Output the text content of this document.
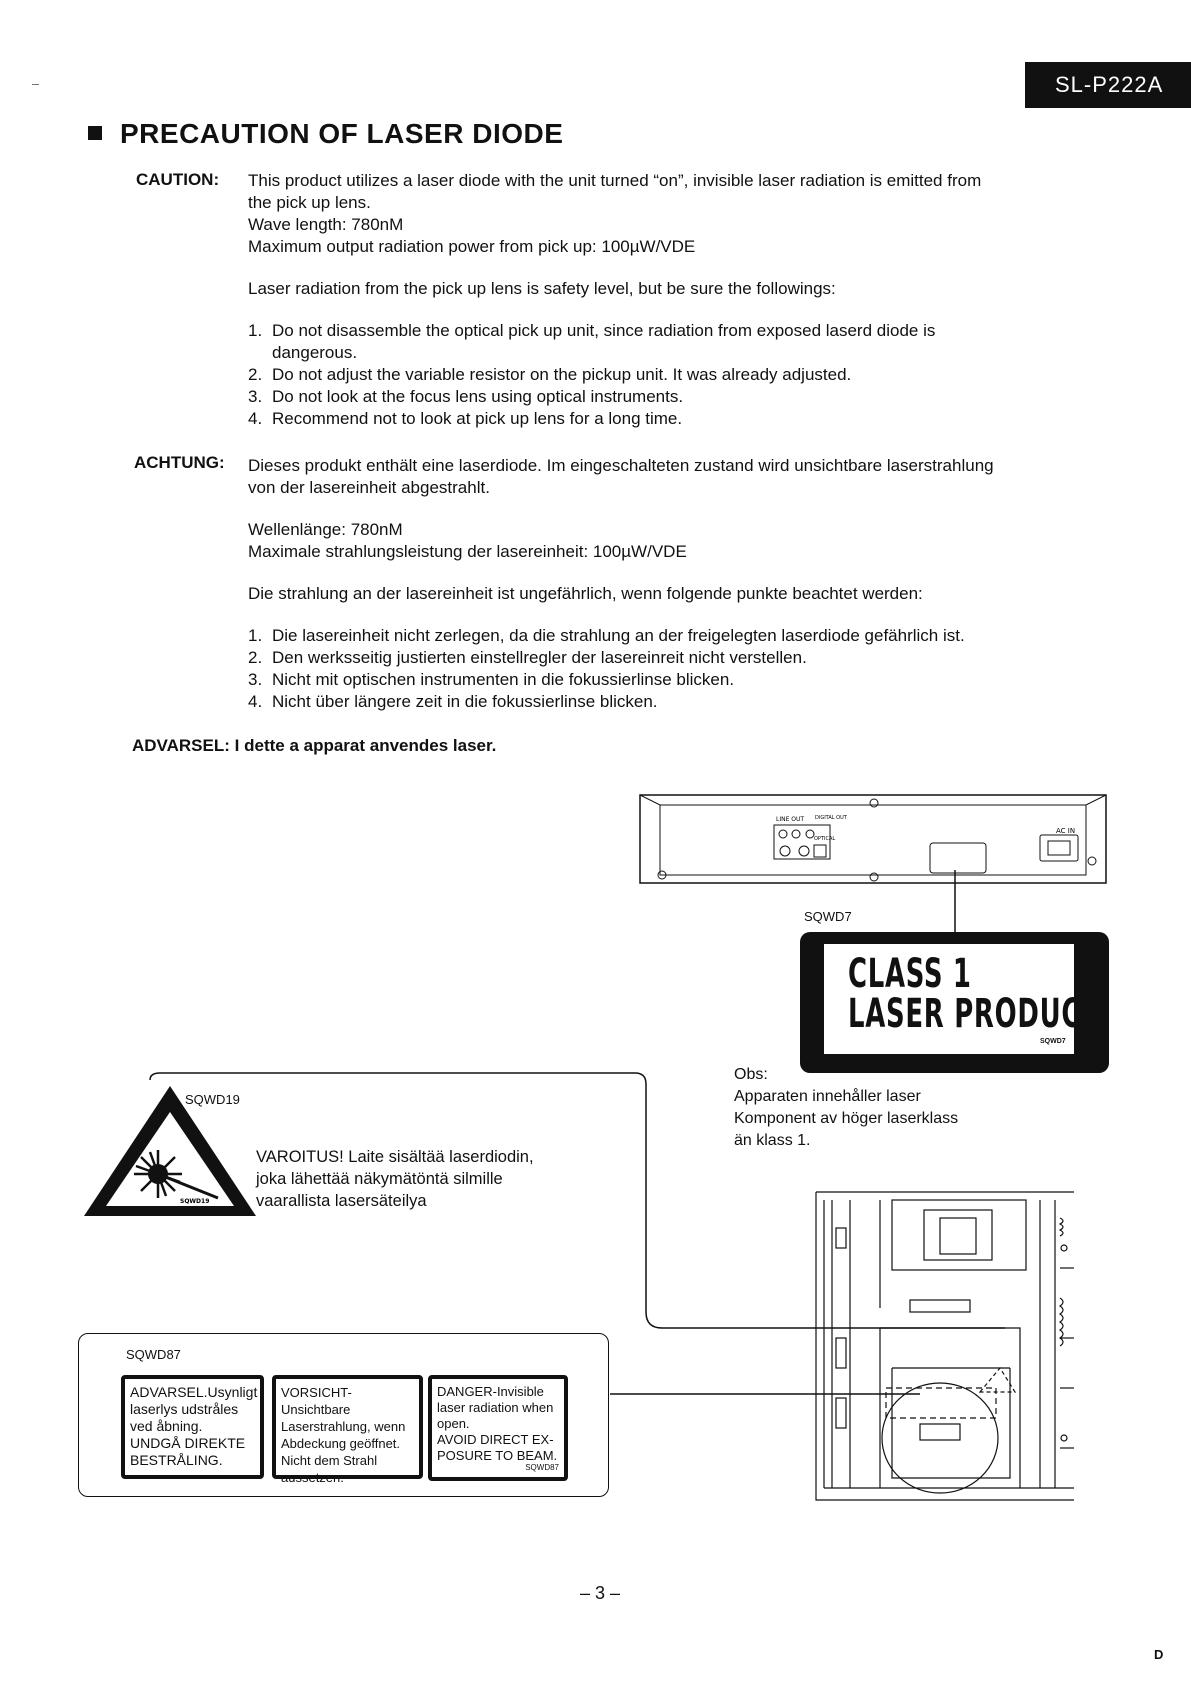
SL-P222A
PRECAUTION OF LASER DIODE
CAUTION: This product utilizes a laser diode with the unit turned “on”, invisible laser radiation is emitted from
the pick up lens.
Wave length: 780nM
Maximum output radiation power from pick up: 100µW/VDE
Laser radiation from the pick up lens is safety level, but be sure the followings:
1. Do not disassemble the optical pick up unit, since radiation from exposed laserd diode is
dangerous.
2. Do not adjust the variable resistor on the pickup unit. It was already adjusted.
3. Do not look at the focus lens using optical instruments.
4. Recommend not to look at pick up lens for a long time.
ACHTUNG: Dieses produkt enthält eine laserdiode. Im eingeschalteten zustand wird unsichtbare laserstrahlung
von der lasereinheit abgestrahlt.
Wellenlänge: 780nM
Maximale strahlungsleistung der lasereinheit: 100µW/VDE
Die strahlung an der lasereinheit ist ungefährlich, wenn folgende punkte beachtet werden:
1. Die lasereinheit nicht zerlegen, da die strahlung an der freigelegten laserdiode gefährlich ist.
2. Den werksseitig justierten einstellregler der lasereinreit nicht verstellen.
3. Nicht mit optischen instrumenten in die fokussierlinse blicken.
4. Nicht über längere zeit in die fokussierlinse blicken.
ADVARSEL: I dette a apparat anvendes laser.
LINE OUT DIGITAL OUT
OPTICAL
AC IN
SQWD7
CLASS 1
LASER PRODUCT
SQWD7
Obs:
Apparaten innehåller laser
Komponent av höger laserklass
än klass 1.
SQWD19
SQWD19
VAROITUS! Laite sisältää laserdiodin,
joka lähettää näkymätöntä silmille
vaarallista lasersäteilya
SQWD87
ADVARSEL.Usynligt
laserlys udstråles
ved åbning.
UNDGÅ DIREKTE
BESTRÅLING.
VORSICHT-Unsichtbare
Laserstrahlung, wenn
Abdeckung geöffnet.
Nicht dem Strahl
aussetzen.
DANGER-Invisible
laser radiation when
open.
AVOID DIRECT EX-
POSURE TO BEAM.
SQWD87
– 3 –
D
